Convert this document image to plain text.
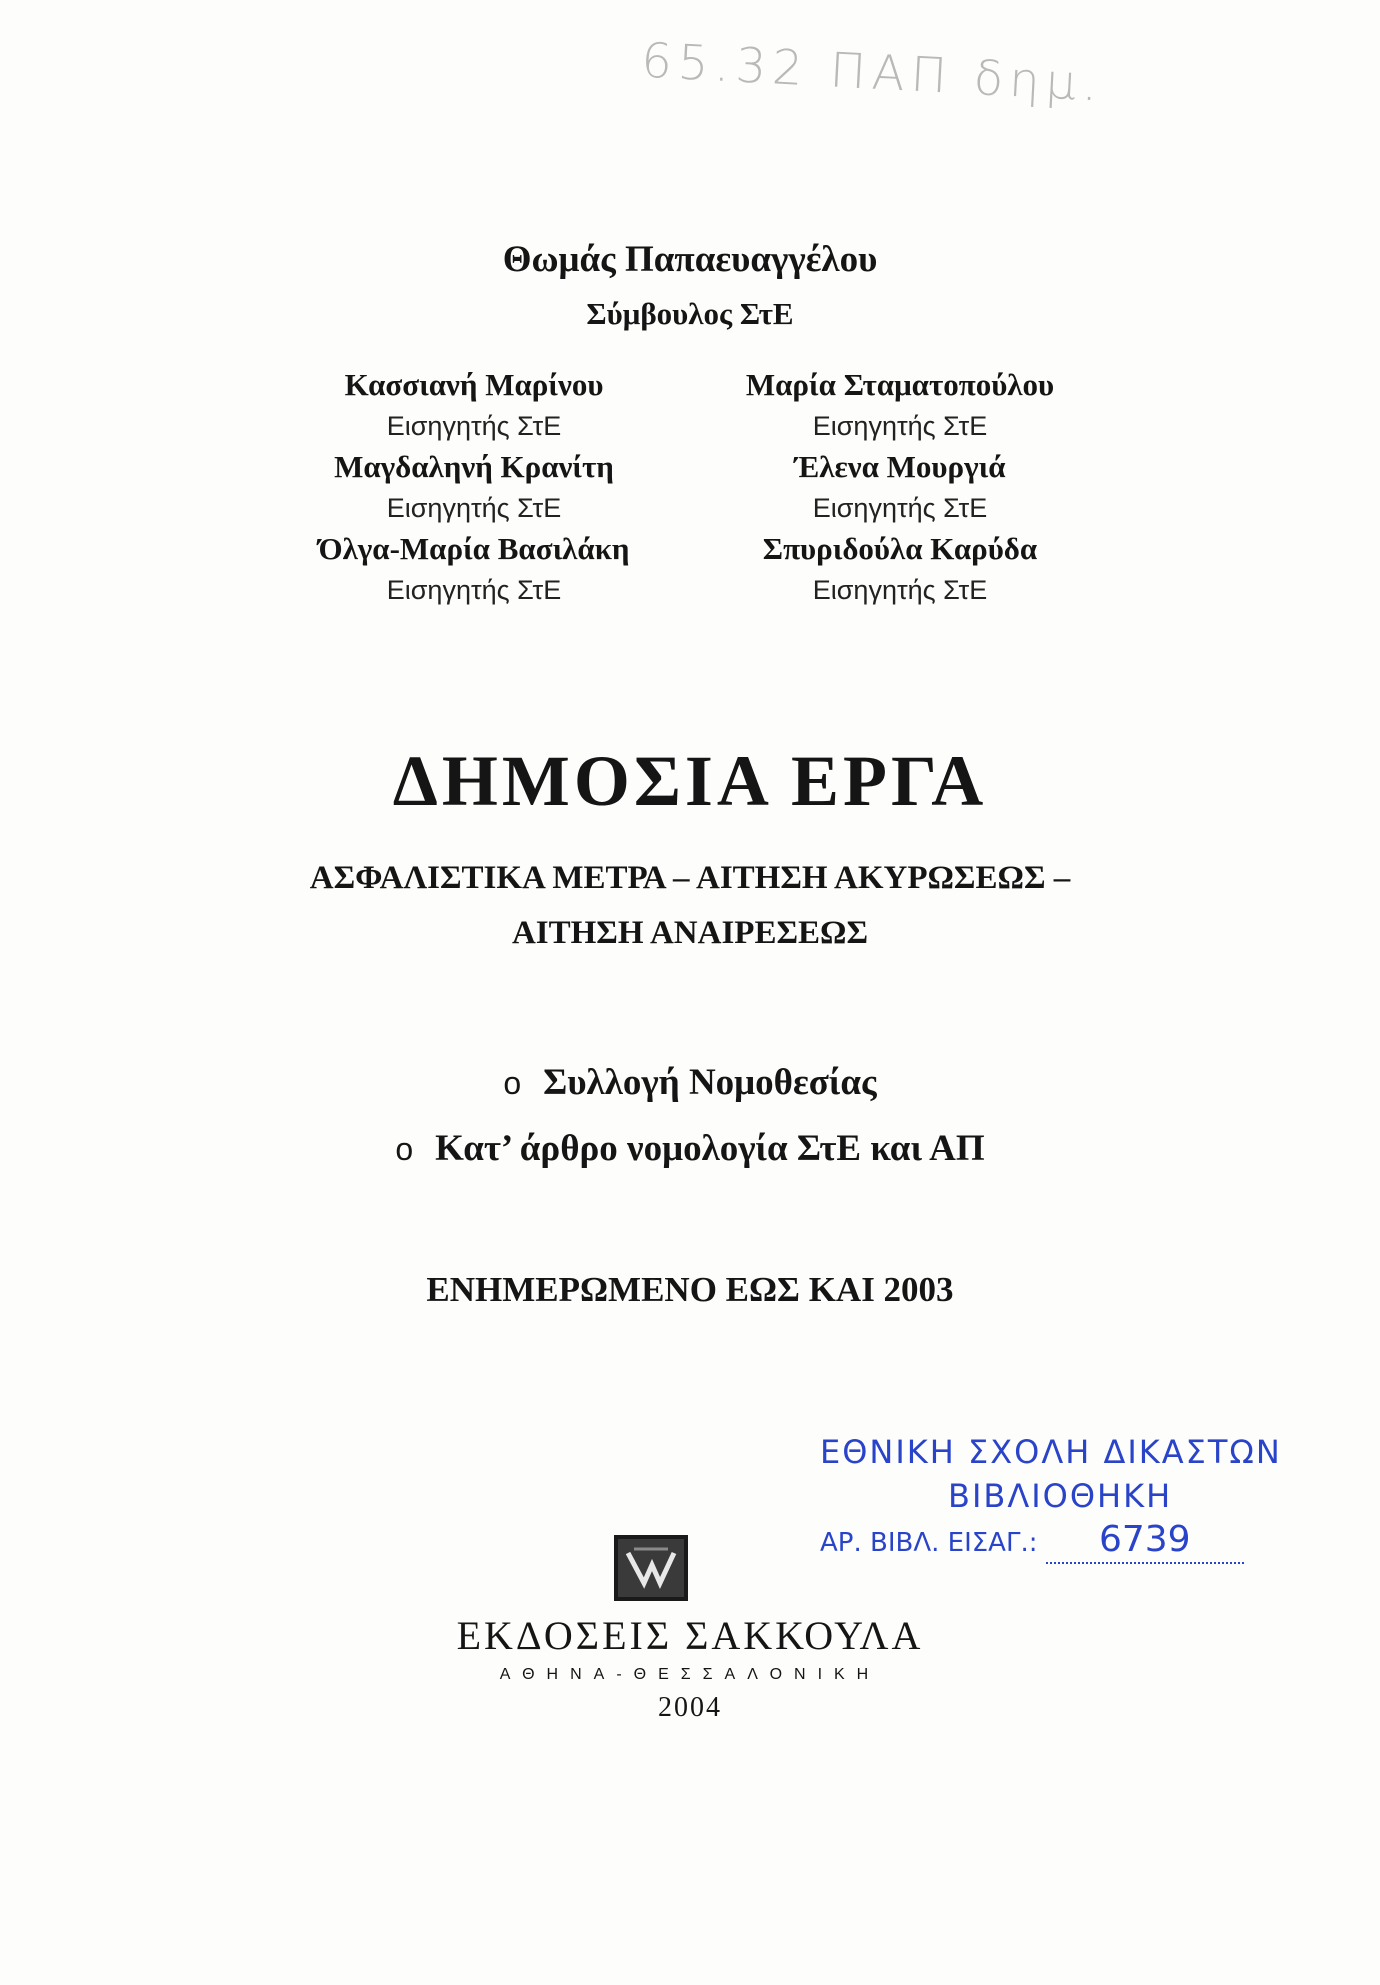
65.32 ΠΑΠ δημ.
Θωμάς Παπαευαγγέλου
Σύμβουλος ΣτΕ
Κασσιανή Μαρίνου
Εισηγητής ΣτΕ
Μαγδαληνή Κρανίτη
Εισηγητής ΣτΕ
Όλγα-Μαρία Βασιλάκη
Εισηγητής ΣτΕ
Μαρία Σταματοπούλου
Εισηγητής ΣτΕ
Έλενα Μουργιά
Εισηγητής ΣτΕ
Σπυριδούλα Καρύδα
Εισηγητής ΣτΕ
ΔΗΜΟΣΙΑ ΕΡΓΑ
ΑΣΦΑΛΙΣΤΙΚΑ ΜΕΤΡΑ – ΑΙΤΗΣΗ ΑΚΥΡΩΣΕΩΣ –
ΑΙΤΗΣΗ ΑΝΑΙΡΕΣΕΩΣ
o Συλλογή Νομοθεσίας
o Κατ’ άρθρο νομολογία ΣτΕ και ΑΠ
ΕΝΗΜΕΡΩΜΕΝΟ ΕΩΣ ΚΑΙ 2003
ΕΘΝΙΚΗ ΣΧΟΛΗ ΔΙΚΑΣΤΩΝ
ΒΙΒΛΙΟΘΗΚΗ
ΑΡ. ΒΙΒΛ. ΕΙΣΑΓ.: 6739
ΕΚΔΟΣΕΙΣ ΣΑΚΚΟΥΛΑ
ΑΘΗΝΑ-ΘΕΣΣΑΛΟΝΙΚΗ
2004
